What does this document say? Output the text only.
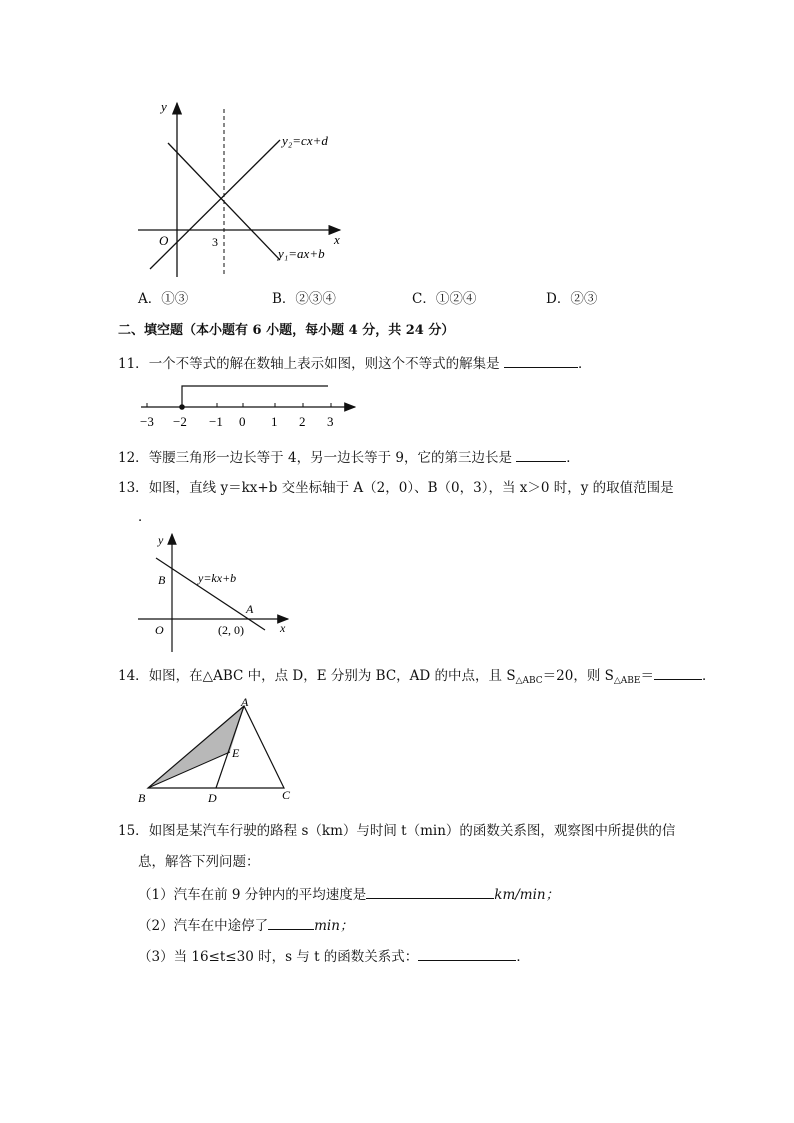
y
x
O	3
y₂=cx+d
y₁=ax+b
A．①③	B．②③④	C．①②④	D．②③
二、填空题（本小题有 6 小题，每小题 4 分，共 24 分）
11．一个不等式的解在数轴上表示如图，则这个不等式的解集是	．
−3 −2 −1 0 1 2 3
12．等腰三角形一边长等于 4，另一边长等于 9，它的第三边长是	．
13．如图，直线 y＝kx+b 交坐标轴于 A（2，0）、B（0，3），当 x＞0 时，y 的取值范围是
．
y
x
O
B
A
y=kx+b
(2, 0)
14．如图，在△ABC 中，点 D，E 分别为 BC，AD 的中点，且 $S_{\triangle ABC}=20$，则 $S_{\triangle ABE}=$	．
A
B	C
D
E
15．如图是某汽车行驶的路程 s（km）与时间 t（min）的函数关系图，观察图中所提供的信
息，解答下列问题：
（1）汽车在前 9 分钟内的平均速度是	km/min；
（2）汽车在中途停了	min；
（3）当 16≤t≤30 时，s 与 t 的函数关系式：	．
